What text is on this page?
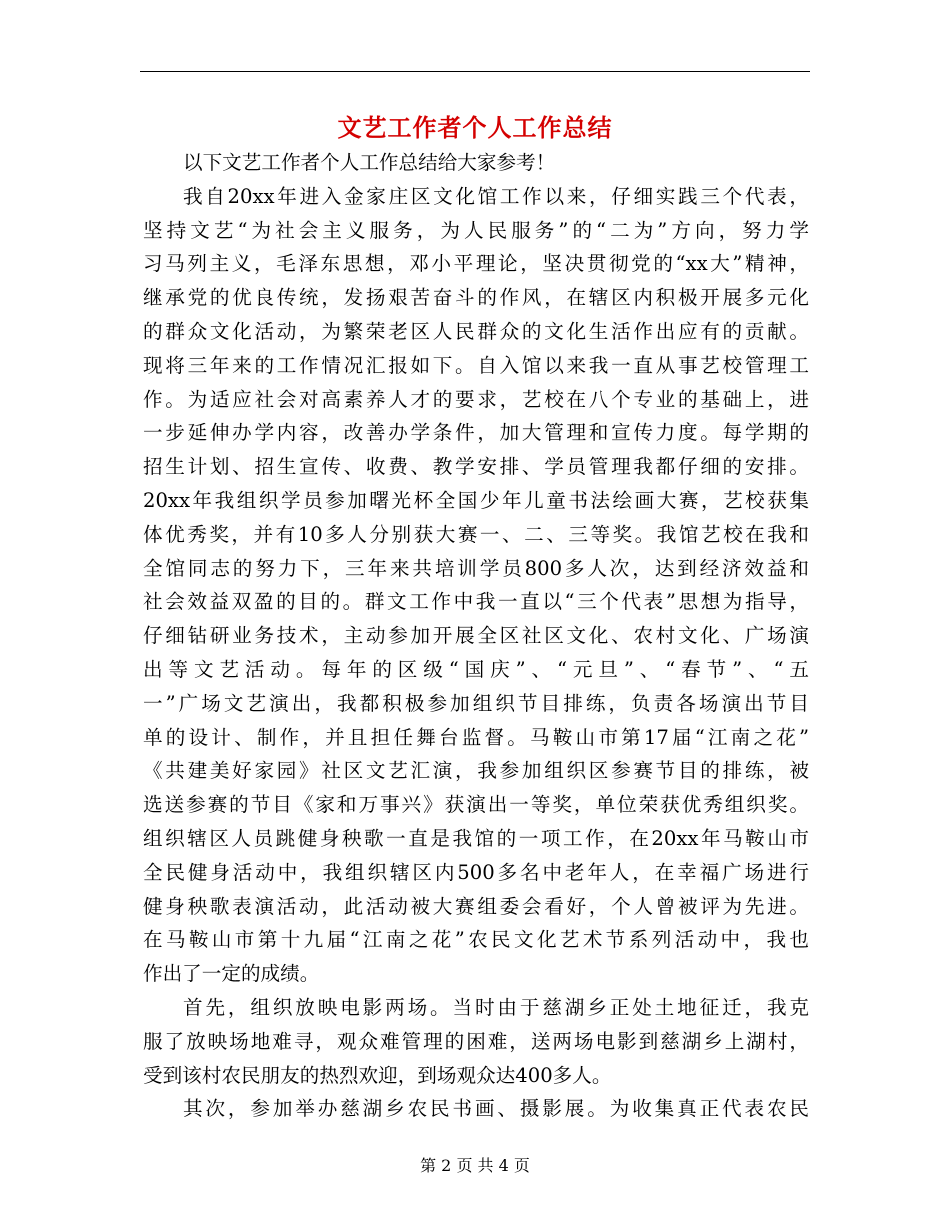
文艺工作者个人工作总结
以下文艺工作者个人工作总结给大家参考！
我自20xx年进入金家庄区文化馆工作以来，仔细实践三个代表，
坚持文艺“为社会主义服务，为人民服务”的“二为”方向，努力学
习马列主义，毛泽东思想，邓小平理论，坚决贯彻党的“xx大”精神，
继承党的优良传统，发扬艰苦奋斗的作风，在辖区内积极开展多元化
的群众文化活动，为繁荣老区人民群众的文化生活作出应有的贡献。
现将三年来的工作情况汇报如下。自入馆以来我一直从事艺校管理工
作。为适应社会对高素养人才的要求，艺校在八个专业的基础上，进
一步延伸办学内容，改善办学条件，加大管理和宣传力度。每学期的
招生计划、招生宣传、收费、教学安排、学员管理我都仔细的安排。
20xx年我组织学员参加曙光杯全国少年儿童书法绘画大赛，艺校获集
体优秀奖，并有10多人分别获大赛一、二、三等奖。我馆艺校在我和
全馆同志的努力下，三年来共培训学员800多人次，达到经济效益和
社会效益双盈的目的。群文工作中我一直以“三个代表”思想为指导，
仔细钻研业务技术，主动参加开展全区社区文化、农村文化、广场演
出等文艺活动。每年的区级“国庆”、“元旦”、“春节”、“五
一”广场文艺演出，我都积极参加组织节目排练，负责各场演出节目
单的设计、制作，并且担任舞台监督。马鞍山市第17届“江南之花”
《共建美好家园》社区文艺汇演，我参加组织区参赛节目的排练，被
选送参赛的节目《家和万事兴》获演出一等奖，单位荣获优秀组织奖。
组织辖区人员跳健身秧歌一直是我馆的一项工作，在20xx年马鞍山市
全民健身活动中，我组织辖区内500多名中老年人，在幸福广场进行
健身秧歌表演活动，此活动被大赛组委会看好，个人曾被评为先进。
在马鞍山市第十九届“江南之花”农民文化艺术节系列活动中，我也
作出了一定的成绩。
首先，组织放映电影两场。当时由于慈湖乡正处土地征迁，我克
服了放映场地难寻，观众难管理的困难，送两场电影到慈湖乡上湖村，
受到该村农民朋友的热烈欢迎，到场观众达400多人。
其次，参加举办慈湖乡农民书画、摄影展。为收集真正代表农民
第 2 页 共 4 页
